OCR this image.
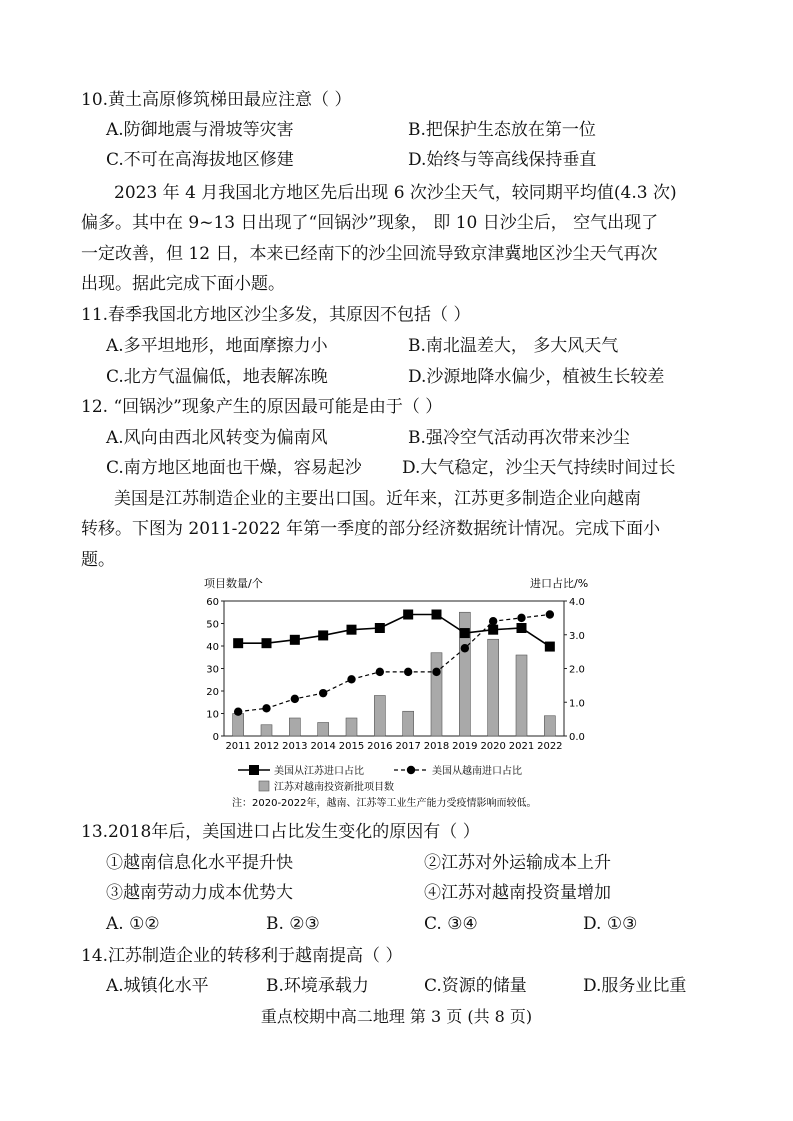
10.黄土高原修筑梯田最应注意（ ）
A.防御地震与滑坡等灾害	B.把保护生态放在第一位
C.不可在高海拔地区修建	D.始终与等高线保持垂直
2023 年 4 月我国北方地区先后出现 6 次沙尘天气，较同期平均值(4.3 次)
偏多。其中在 9~13 日出现了“回锅沙”现象， 即 10 日沙尘后， 空气出现了
一定改善，但 12 日，本来已经南下的沙尘回流导致京津冀地区沙尘天气再次
出现。据此完成下面小题。
11.春季我国北方地区沙尘多发，其原因不包括（ ）
A.多平坦地形，地面摩擦力小	B.南北温差大， 多大风天气
C.北方气温偏低，地表解冻晚	D.沙源地降水偏少，植被生长较差
12. “回锅沙”现象产生的原因最可能是由于（ ）
A.风向由西北风转变为偏南风	B.强冷空气活动再次带来沙尘
C.南方地区地面也干燥，容易起沙 D.大气稳定，沙尘天气持续时间过长
美国是江苏制造企业的主要出口国。近年来，江苏更多制造企业向越南
转移。下图为 2011-2022 年第一季度的部分经济数据统计情况。完成下面小
题。
项目数量/个	进口占比/%
0
10
20
30
40
50
60
0.0
1.0
2.0
3.0
4.0
2011 2012 2013 2014 2015 2016 2017 2018 2019 2020 2021 2022
美国从江苏进口占比	美国从越南进口占比
江苏对越南投资新批项目数
注：2020-2022年，越南、江苏等工业生产能力受疫情影响而较低。
13.2018年后，美国进口占比发生变化的原因有（ ）
①越南信息化水平提升快	②江苏对外运输成本上升
③越南劳动力成本优势大	④江苏对越南投资量增加
A. ①②	B. ②③	C. ③④	D. ①③
14.江苏制造企业的转移利于越南提高（ ）
A.城镇化水平	B.环境承载力	C.资源的储量	D.服务业比重
重点校期中高二地理 第 3 页 (共 8 页)
